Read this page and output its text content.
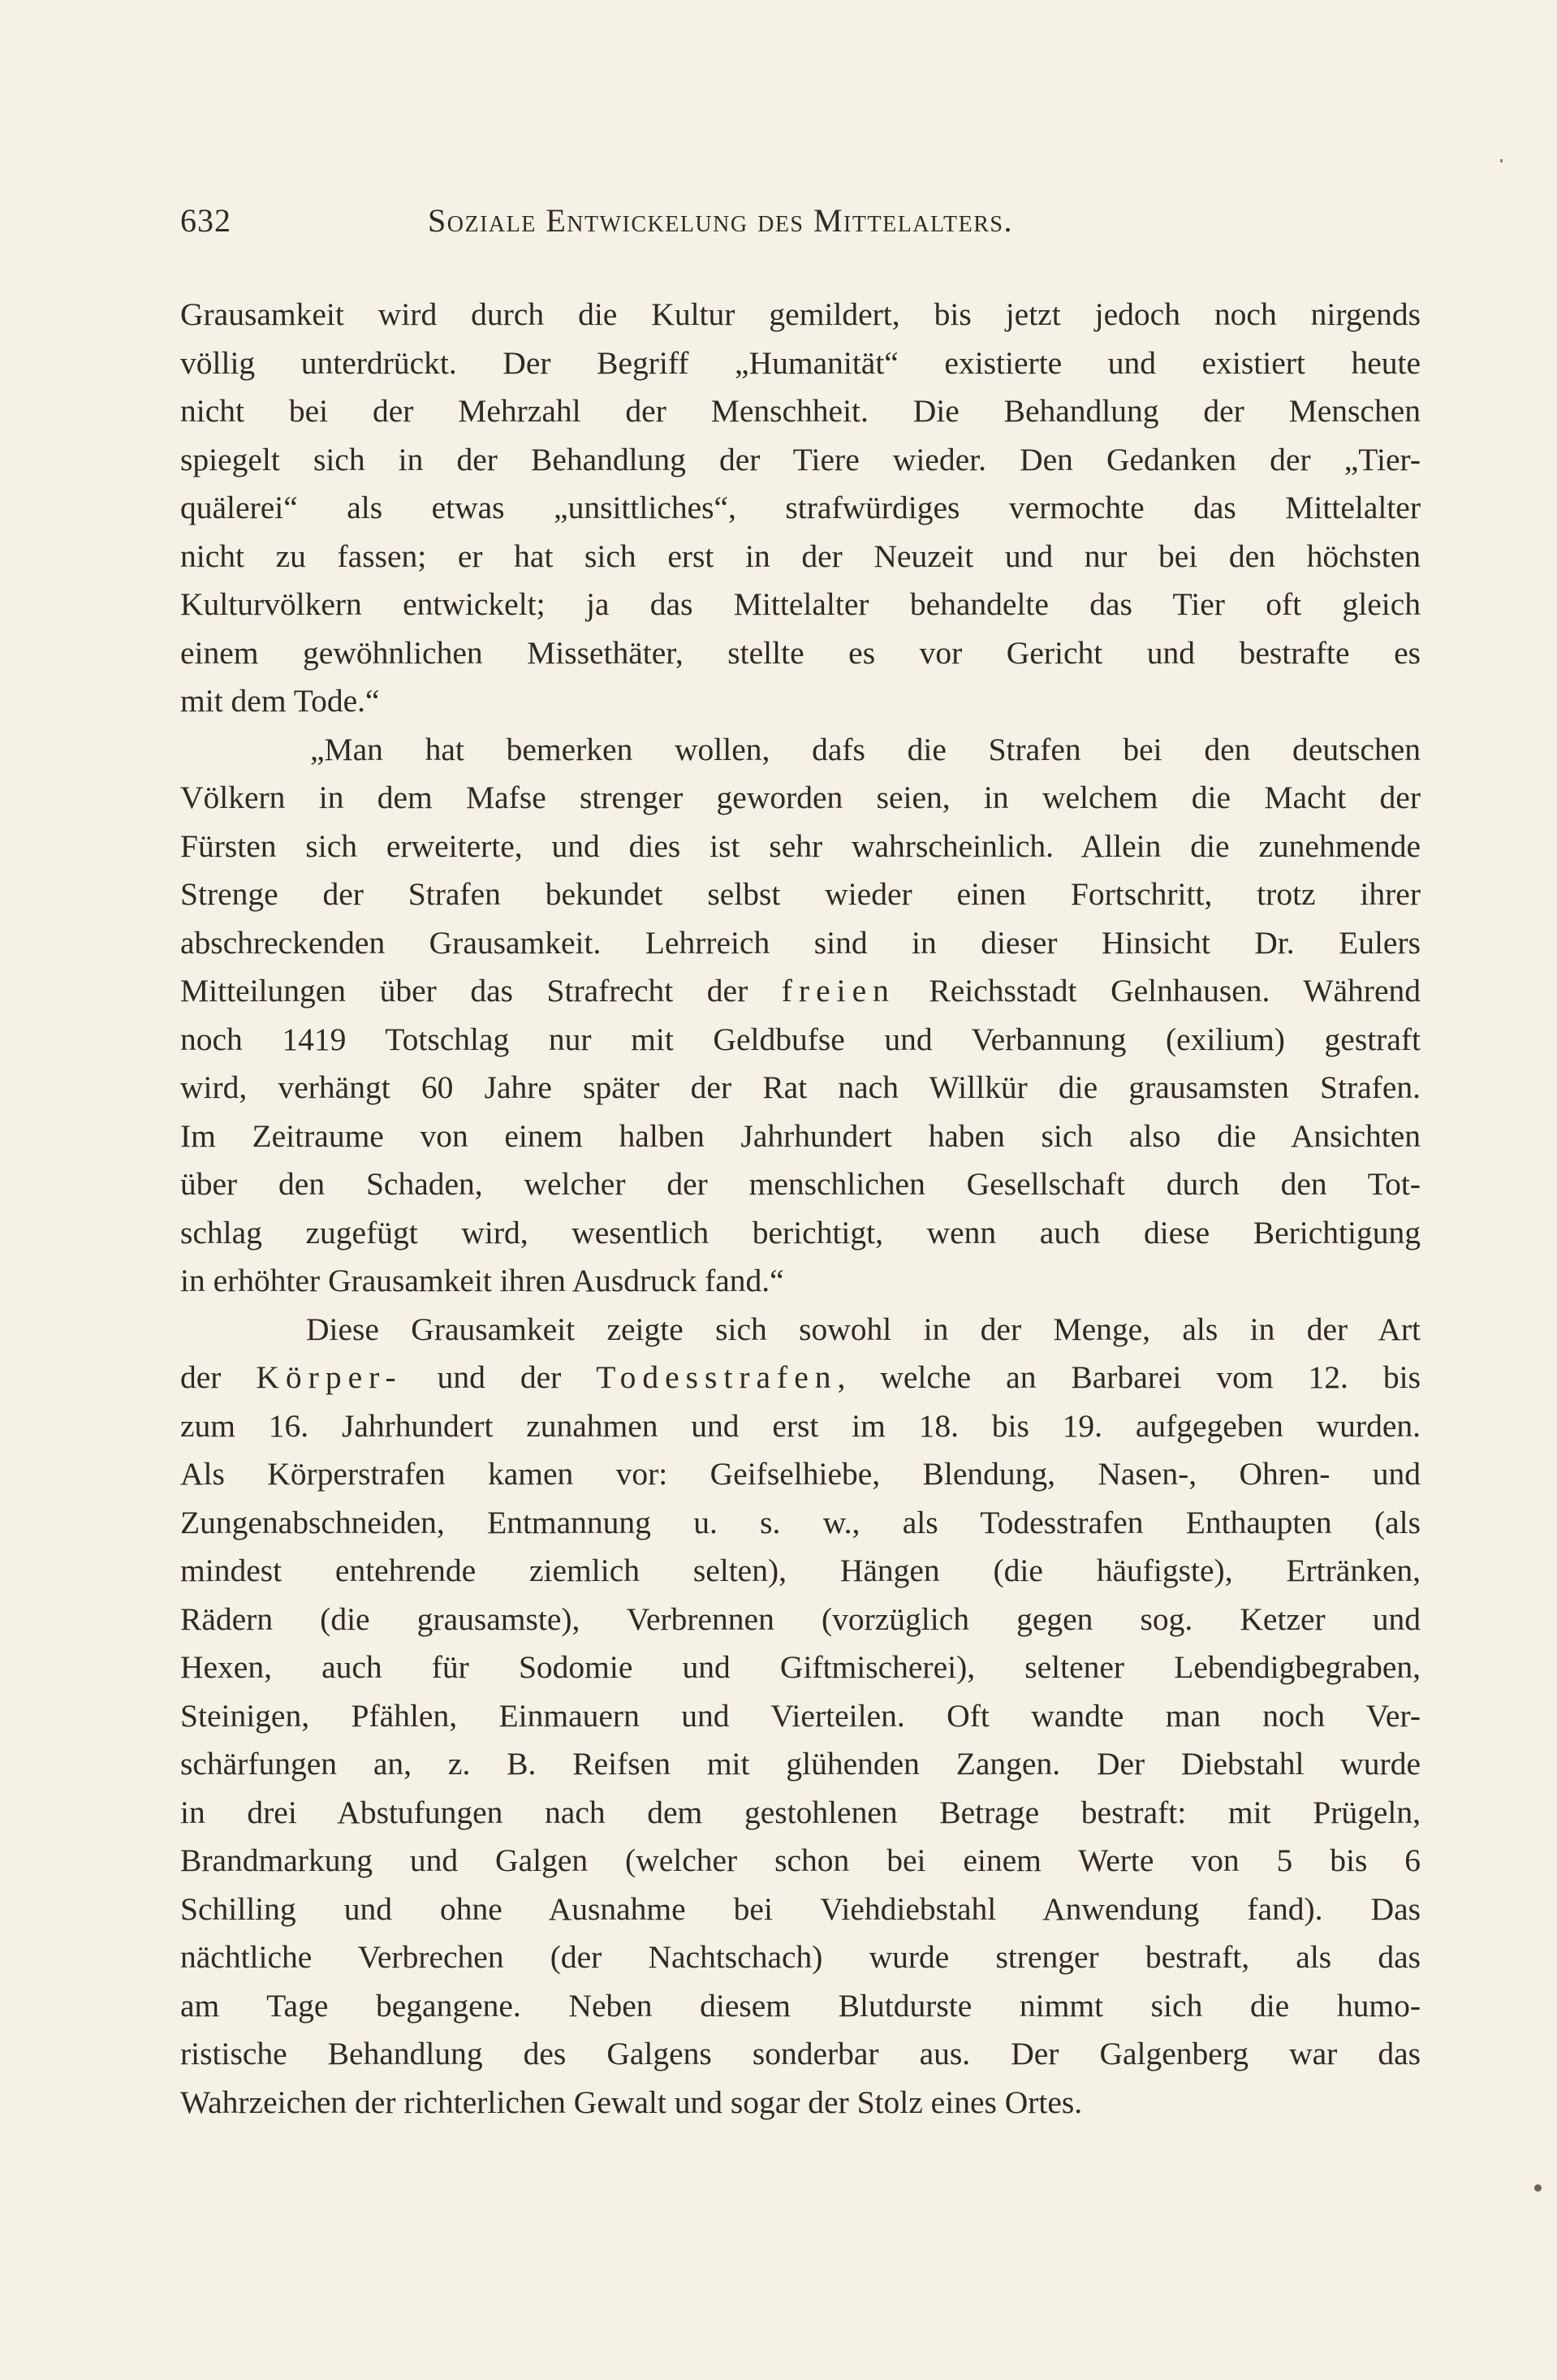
632	Soziale Entwickelung des Mittelalters.
Grausamkeit wird durch die Kultur gemildert, bis jetzt jedoch noch nirgends
völlig unterdrückt. Der Begriff „Humanität“ existierte und existiert heute
nicht bei der Mehrzahl der Menschheit. Die Behandlung der Menschen
spiegelt sich in der Behandlung der Tiere wieder. Den Gedanken der „Tier-
quälerei“ als etwas „unsittliches“, strafwürdiges vermochte das Mittelalter
nicht zu fassen; er hat sich erst in der Neuzeit und nur bei den höchsten
Kulturvölkern entwickelt; ja das Mittelalter behandelte das Tier oft gleich
einem gewöhnlichen Missethäter, stellte es vor Gericht und bestrafte es
mit dem Tode.“
„Man hat bemerken wollen, dafs die Strafen bei den deutschen
Völkern in dem Mafse strenger geworden seien, in welchem die Macht der
Fürsten sich erweiterte, und dies ist sehr wahrscheinlich. Allein die zunehmende
Strenge der Strafen bekundet selbst wieder einen Fortschritt, trotz ihrer
abschreckenden Grausamkeit. Lehrreich sind in dieser Hinsicht Dr. Eulers
Mitteilungen über das Strafrecht der freien Reichsstadt Gelnhausen. Während
noch 1419 Totschlag nur mit Geldbufse und Verbannung (exilium) gestraft
wird, verhängt 60 Jahre später der Rat nach Willkür die grausamsten Strafen.
Im Zeitraume von einem halben Jahrhundert haben sich also die Ansichten
über den Schaden, welcher der menschlichen Gesellschaft durch den Tot-
schlag zugefügt wird, wesentlich berichtigt, wenn auch diese Berichtigung
in erhöhter Grausamkeit ihren Ausdruck fand.“
Diese Grausamkeit zeigte sich sowohl in der Menge, als in der Art
der Körper- und der Todesstrafen, welche an Barbarei vom 12. bis
zum 16. Jahrhundert zunahmen und erst im 18. bis 19. aufgegeben wurden.
Als Körperstrafen kamen vor: Geifselhiebe, Blendung, Nasen-, Ohren- und
Zungenabschneiden, Entmannung u. s. w., als Todesstrafen Enthaupten (als
mindest entehrende ziemlich selten), Hängen (die häufigste), Ertränken,
Rädern (die grausamste), Verbrennen (vorzüglich gegen sog. Ketzer und
Hexen, auch für Sodomie und Giftmischerei), seltener Lebendigbegraben,
Steinigen, Pfählen, Einmauern und Vierteilen. Oft wandte man noch Ver-
schärfungen an, z. B. Reifsen mit glühenden Zangen. Der Diebstahl wurde
in drei Abstufungen nach dem gestohlenen Betrage bestraft: mit Prügeln,
Brandmarkung und Galgen (welcher schon bei einem Werte von 5 bis 6
Schilling und ohne Ausnahme bei Viehdiebstahl Anwendung fand). Das
nächtliche Verbrechen (der Nachtschach) wurde strenger bestraft, als das
am Tage begangene. Neben diesem Blutdurste nimmt sich die humo-
ristische Behandlung des Galgens sonderbar aus. Der Galgenberg war das
Wahrzeichen der richterlichen Gewalt und sogar der Stolz eines Ortes.
